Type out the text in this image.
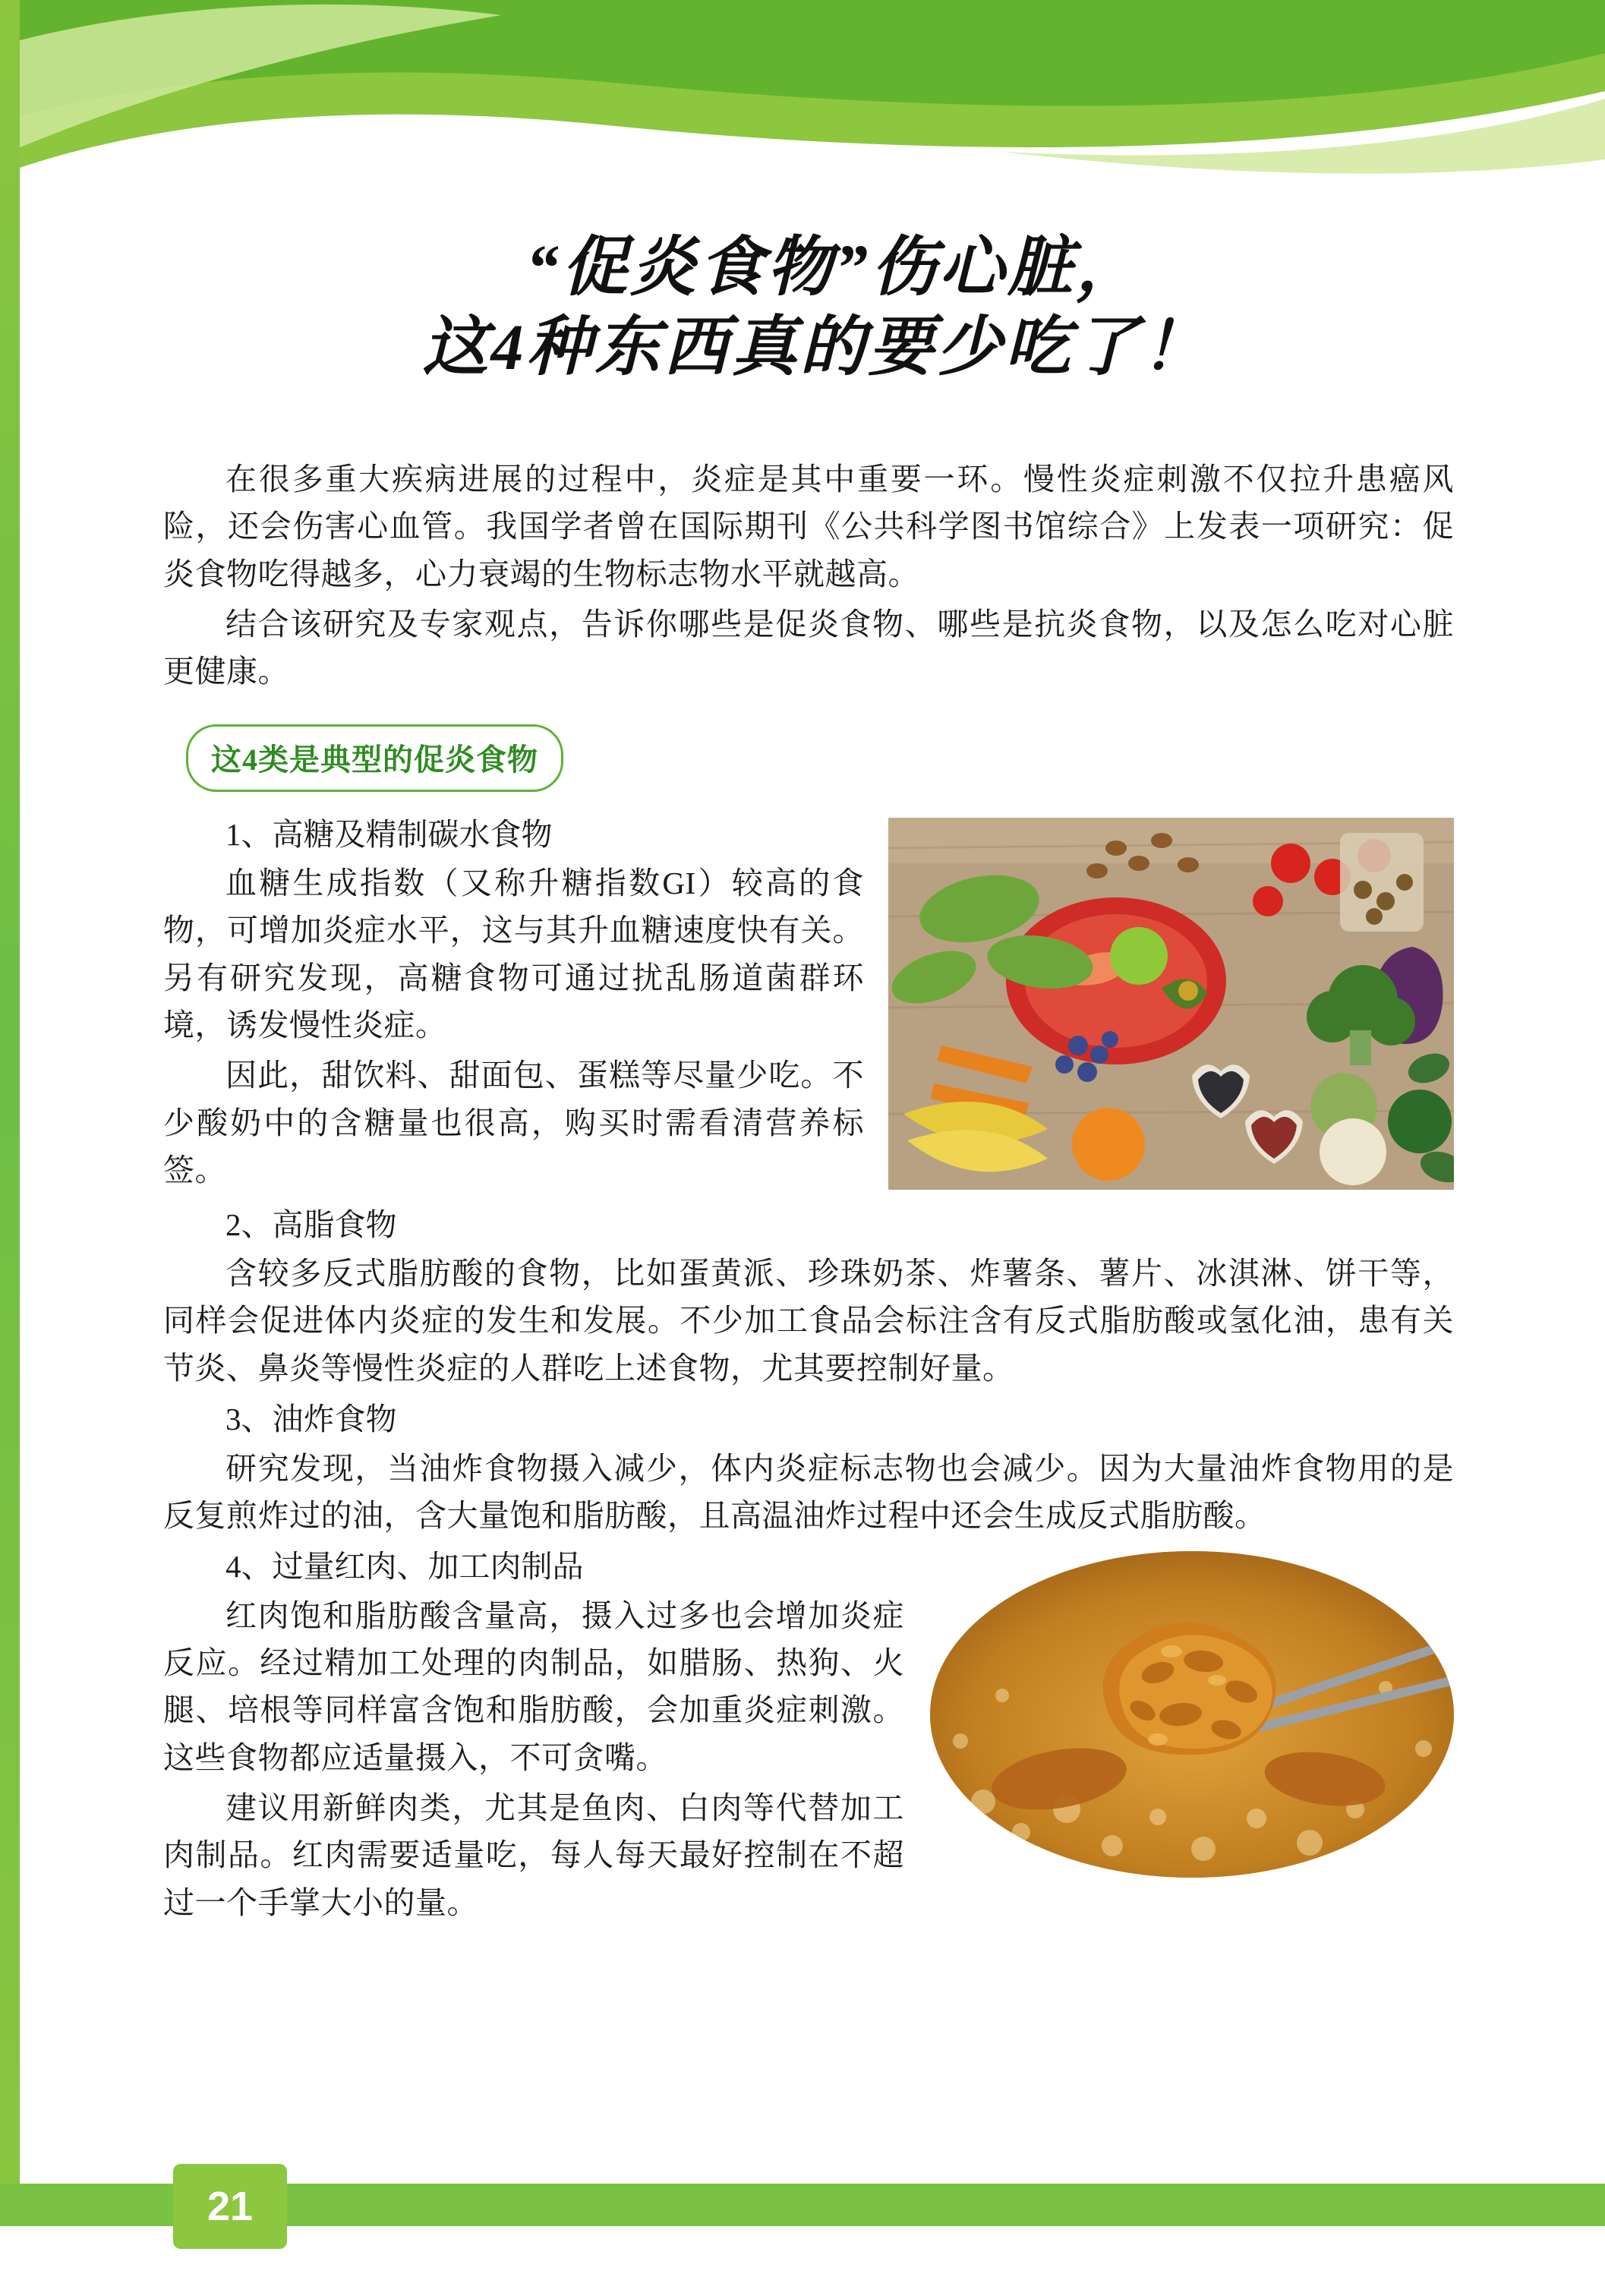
“促炎食物”伤心脏，
这4种东西真的要少吃了！

在很多重大疾病进展的过程中，炎症是其中重要一环。慢性炎症刺激不仅拉升患癌风险，还会伤害心血管。我国学者曾在国际期刊《公共科学图书馆综合》上发表一项研究：促炎食物吃得越多，心力衰竭的生物标志物水平就越高。

结合该研究及专家观点，告诉你哪些是促炎食物、哪些是抗炎食物，以及怎么吃对心脏更健康。

这4类是典型的促炎食物

1、高糖及精制碳水食物

血糖生成指数（又称升糖指数GI）较高的食物，可增加炎症水平，这与其升血糖速度快有关。另有研究发现，高糖食物可通过扰乱肠道菌群环境，诱发慢性炎症。

因此，甜饮料、甜面包、蛋糕等尽量少吃。不少酸奶中的含糖量也很高，购买时需看清营养标签。

2、高脂食物

含较多反式脂肪酸的食物，比如蛋黄派、珍珠奶茶、炸薯条、薯片、冰淇淋、饼干等，同样会促进体内炎症的发生和发展。不少加工食品会标注含有反式脂肪酸或氢化油，患有关节炎、鼻炎等慢性炎症的人群吃上述食物，尤其要控制好量。

3、油炸食物

研究发现，当油炸食物摄入减少，体内炎症标志物也会减少。因为大量油炸食物用的是反复煎炸过的油，含大量饱和脂肪酸，且高温油炸过程中还会生成反式脂肪酸。

4、过量红肉、加工肉制品

红肉饱和脂肪酸含量高，摄入过多也会增加炎症反应。经过精加工处理的肉制品，如腊肠、热狗、火腿、培根等同样富含饱和脂肪酸，会加重炎症刺激。这些食物都应适量摄入，不可贪嘴。

建议用新鲜肉类，尤其是鱼肉、白肉等代替加工肉制品。红肉需要适量吃，每人每天最好控制在不超过一个手掌大小的量。

21
